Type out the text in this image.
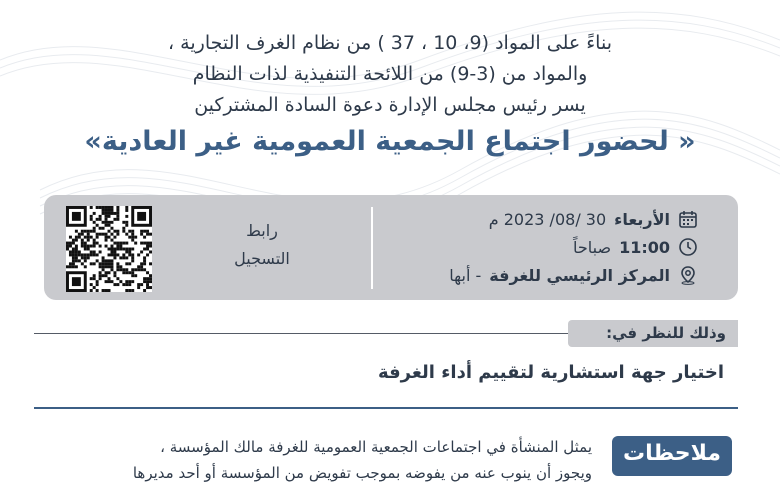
بناءً على المواد (9، 10 ، 37 ) من نظام الغرف التجارية ،
والمواد من (3-9) من اللائحة التنفيذية لذات النظام
يسر رئيس مجلس الإدارة دعوة السادة المشتركين
« لحضور اجتماع الجمعية العمومية غير العادية»
الأربعاء
30 /08/ 2023 م
11:00
صباحاً
المركز الرئيسي للغرفة
- أبها
رابط
التسجيل
وذلك للنظر في:
اختيار جهة استشارية لتقييم أداء الغرفة
ملاحظات
يمثل المنشأة في اجتماعات الجمعية العمومية للغرفة مالك المؤسسة ،
ويجوز أن ينوب عنه من يفوضه بموجب تفويض من المؤسسة أو أحد مديرها
